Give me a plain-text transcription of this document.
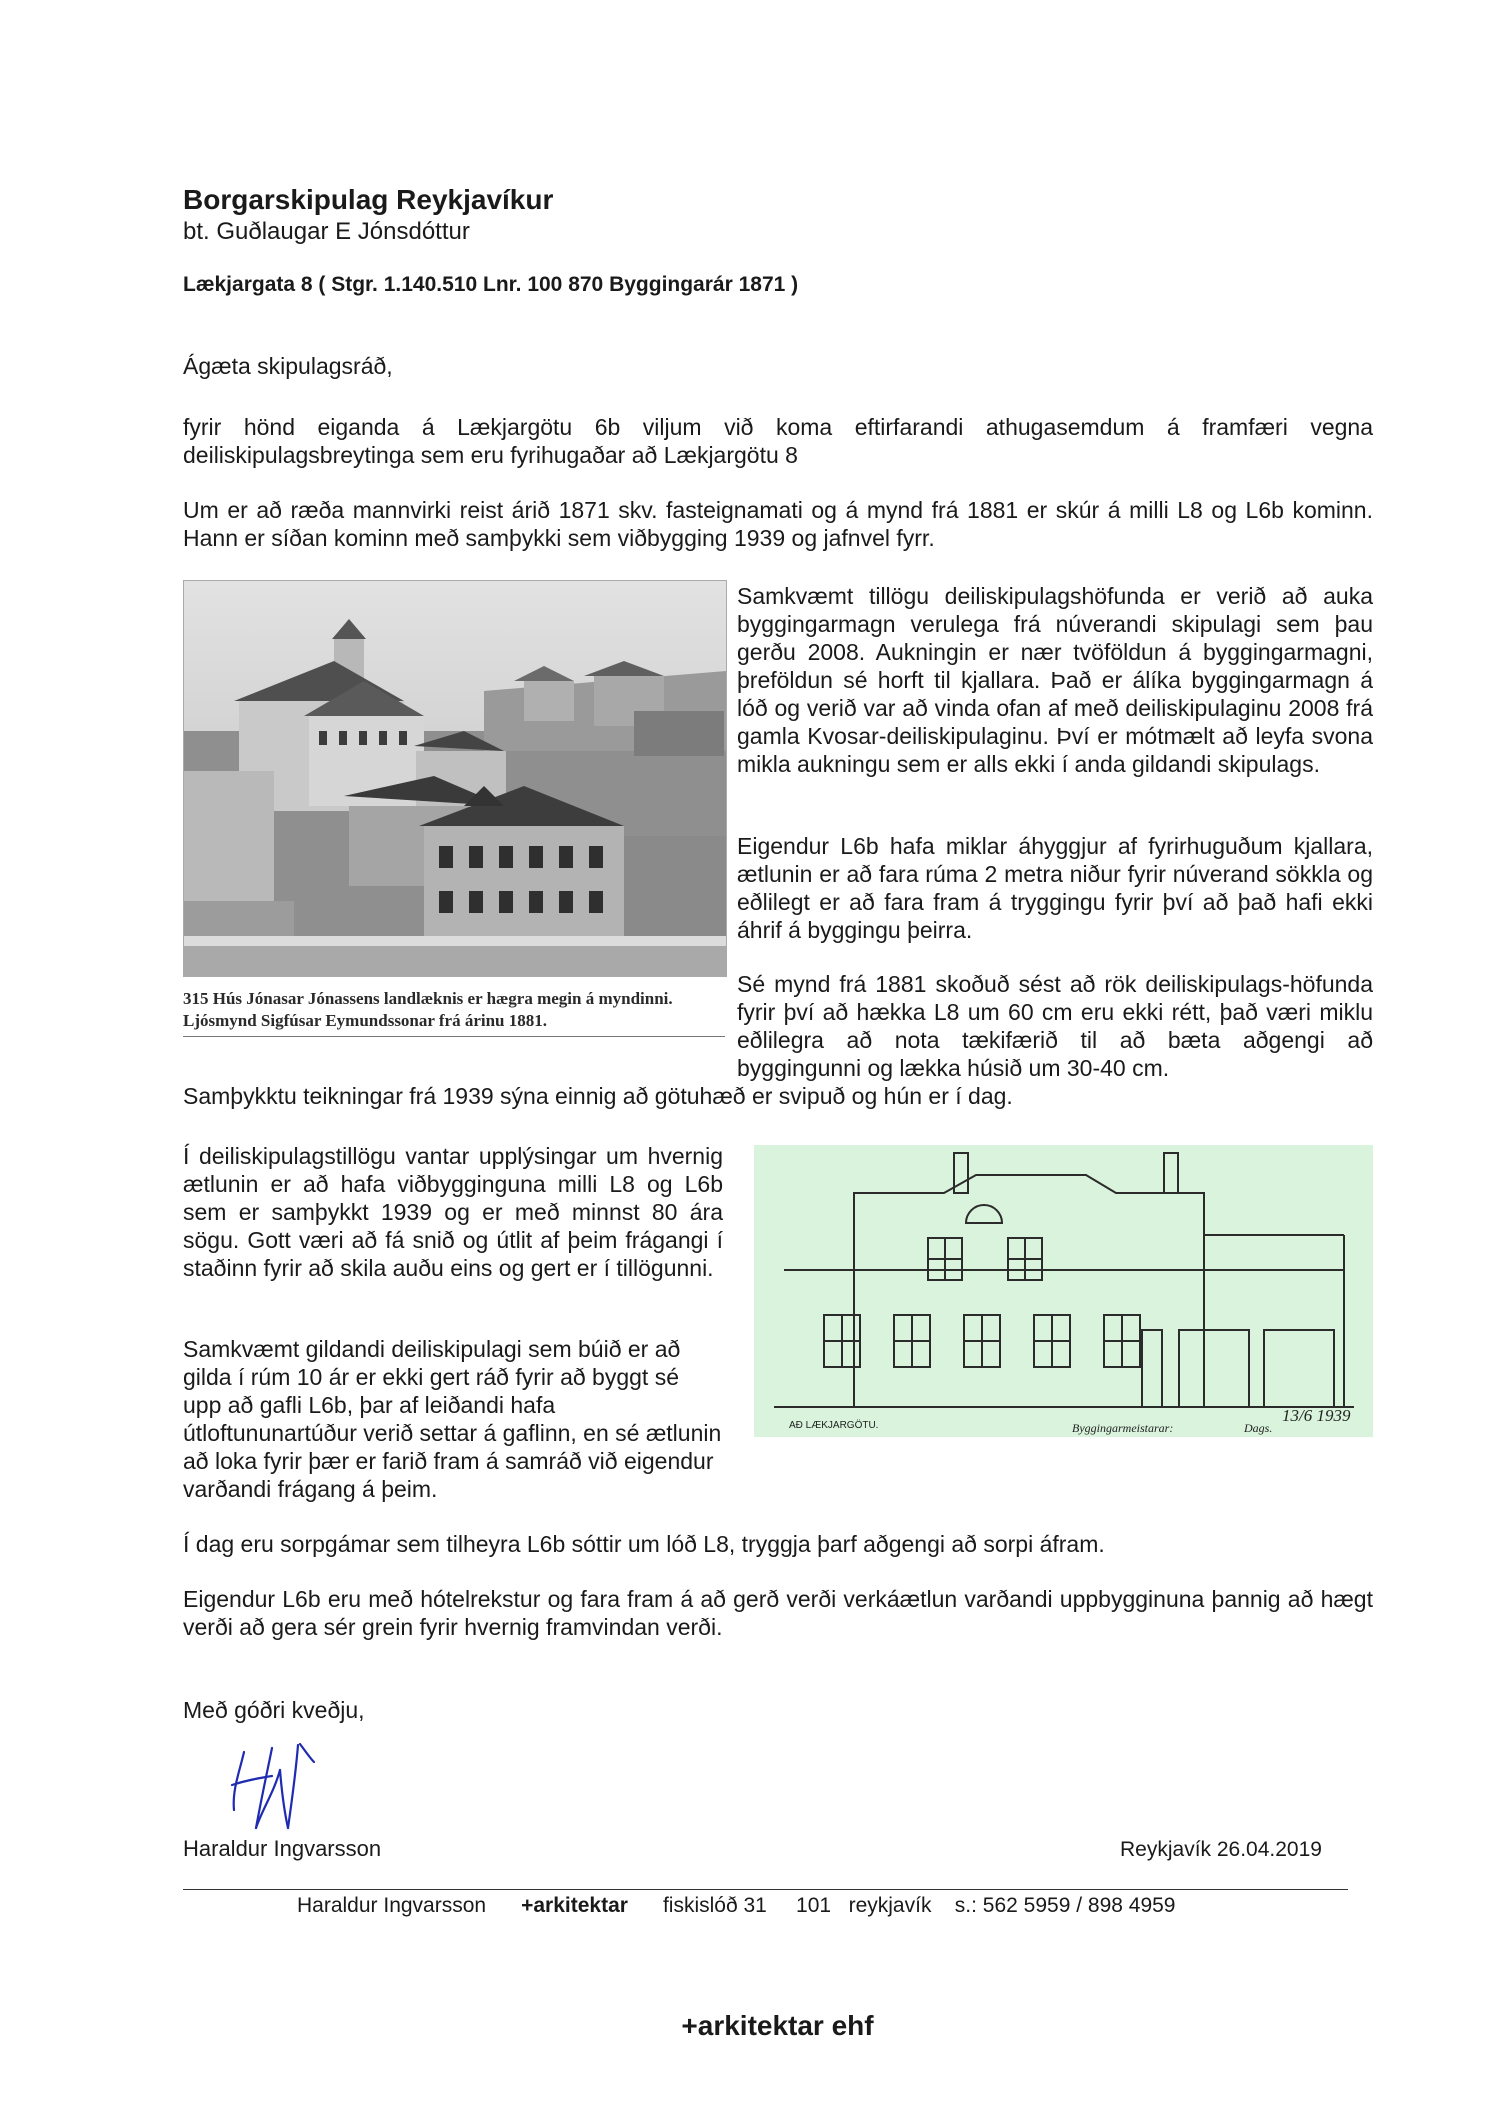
Borgarskipulag Reykjavíkur
bt. Guðlaugar E Jónsdóttur
Lækjargata 8 ( Stgr. 1.140.510 Lnr. 100 870 Byggingarár 1871 )
Ágæta skipulagsráð,
fyrir hönd eiganda á Lækjargötu 6b viljum við koma eftirfarandi athugasemdum á framfæri vegna deiliskipulagsbreytinga sem eru fyrihugaðar að Lækjargötu 8
Um er að ræða mannvirki reist árið 1871 skv. fasteignamati og á mynd frá 1881 er skúr á milli L8 og L6b kominn. Hann er síðan kominn með samþykki sem viðbygging 1939 og jafnvel fyrr.
315 Hús Jónasar Jónassens landlæknis er hægra megin á myndinni. Ljósmynd Sigfúsar Eymundssonar frá árinu 1881.
Samkvæmt tillögu deiliskipulagshöfunda er verið að auka byggingarmagn verulega frá núverandi skipulagi sem þau gerðu 2008. Aukningin er nær tvöföldun á byggingarmagni, þreföldun sé horft til kjallara. Það er álíka byggingarmagn á lóð og verið var að vinda ofan af með deiliskipulaginu 2008 frá gamla Kvosar-deiliskipulaginu. Því er mótmælt að leyfa svona mikla aukningu sem er alls ekki í anda gildandi skipulags.
Eigendur L6b hafa miklar áhyggjur af fyrirhuguðum kjallara, ætlunin er að fara rúma 2 metra niður fyrir núverand sökkla og eðlilegt er að fara fram á tryggingu fyrir því að það hafi ekki áhrif á byggingu þeirra.
Sé mynd frá 1881 skoðuð sést að rök deiliskipulags-höfunda fyrir því að hækka L8 um 60 cm eru ekki rétt, það væri miklu eðlilegra að nota tækifærið til að bæta aðgengi að byggingunni og lækka húsið um 30-40 cm.
Samþykktu teikningar frá 1939 sýna einnig að götuhæð er svipuð og hún er í dag.
Í deiliskipulagstillögu vantar upplýsingar um hvernig ætlunin er að hafa viðbygginguna milli L8 og L6b sem er samþykkt 1939 og er með minnst 80 ára sögu. Gott væri að fá snið og útlit af þeim frágangi í staðinn fyrir að skila auðu eins og gert er í tillögunni.
Samkvæmt gildandi deiliskipulagi sem búið er að gilda í rúm 10 ár er ekki gert ráð fyrir að byggt sé upp að gafli L6b, þar af leiðandi hafa útloftununartúður verið settar á gaflinn, en sé ætlunin að loka fyrir þær er farið fram á samráð við eigendur varðandi frágang á þeim.
AÐ LÆKJARGÖTU.	Byggingarmeistarar:	Dags.
13/6 1939
Í dag eru sorpgámar sem tilheyra L6b sóttir um lóð L8, tryggja þarf aðgengi að sorpi áfram.
Eigendur L6b eru með hótelrekstur og fara fram á að gerð verði verkáætlun varðandi uppbygginuna þannig að hægt verði að gera sér grein fyrir hvernig framvindan verði.
Með góðri kveðju,
Haraldur Ingvarsson	Reykjavík 26.04.2019
Haraldur Ingvarsson +arkitektar fiskislóð 31 101 reykjavík s.: 562 5959 / 898 4959
+arkitektar ehf
